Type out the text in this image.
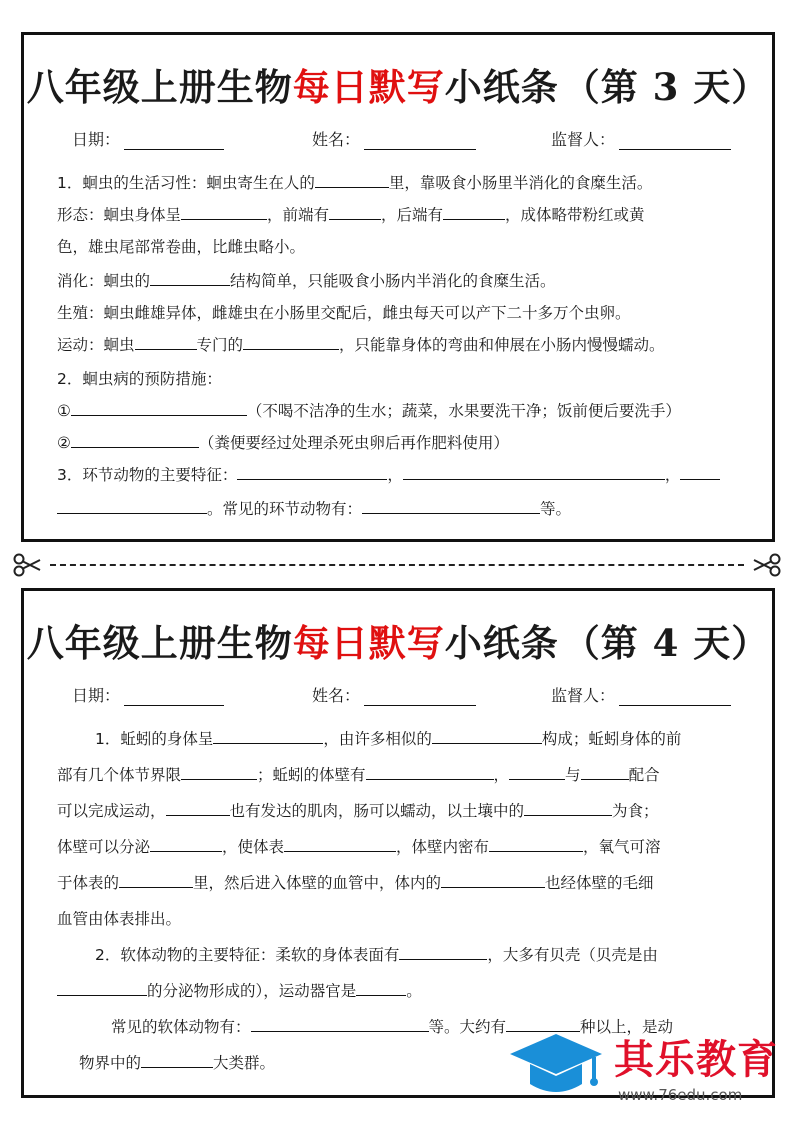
八年级上册生物每日默写小纸条 （第 3 天）
日期：	姓名：	监督人：
1．蛔虫的生活习性：蛔虫寄生在人的	里，靠吸食小肠里半消化的食糜生活。
形态：蛔虫身体呈	，前端有	，后端有	，成体略带粉红或黄
色，雄虫尾部常卷曲，比雌虫略小。
消化：蛔虫的	结构简单，只能吸食小肠内半消化的食糜生活。
生殖：蛔虫雌雄异体，雌雄虫在小肠里交配后，雌虫每天可以产下二十多万个虫卵。
运动：蛔虫	专门的	，只能靠身体的弯曲和伸展在小肠内慢慢蠕动。
2．蛔虫病的预防措施：
①	（不喝不洁净的生水；蔬菜，水果要洗干净；饭前便后要洗手）
②	（粪便要经过处理杀死虫卵后再作肥料使用）
3．环节动物的主要特征：	，	，
。常见的环节动物有：	等。
八年级上册生物每日默写小纸条 （第 4 天）
日期：	姓名：	监督人：
1．蚯蚓的身体呈	，由许多相似的	构成；蚯蚓身体的前
部有几个体节界限	；蚯蚓的体壁有	，	与	配合
可以完成运动，	也有发达的肌肉，肠可以蠕动，以土壤中的	为食；
体壁可以分泌	，使体表	，体壁内密布	，氧气可溶
于体表的	里，然后进入体壁的血管中，体内的	也经体壁的毛细
血管由体表排出。
2．软体动物的主要特征：柔软的身体表面有	，大多有贝壳（贝壳是由
的分泌物形成的），运动器官是	。
常见的软体动物有：	等。大约有	种以上，是动
物界中的	大类群。	其乐教育
www.76edu.com
